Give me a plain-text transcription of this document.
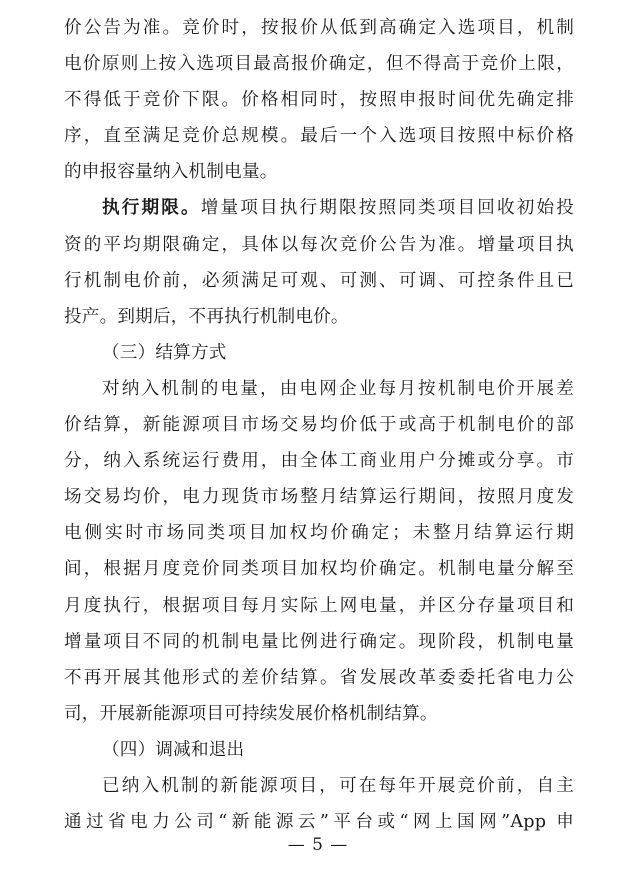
价公告为准。竞价时，按报价从低到高确定入选项目，机制
电价原则上按入选项目最高报价确定，但不得高于竞价上限，
不得低于竞价下限。价格相同时，按照申报时间优先确定排
序，直至满足竞价总规模。最后一个入选项目按照中标价格
的申报容量纳入机制电量。
执行期限。增量项目执行期限按照同类项目回收初始投
资的平均期限确定，具体以每次竞价公告为准。增量项目执
行机制电价前，必须满足可观、可测、可调、可控条件且已
投产。到期后，不再执行机制电价。
（三）结算方式
对纳入机制的电量，由电网企业每月按机制电价开展差
价结算，新能源项目市场交易均价低于或高于机制电价的部
分，纳入系统运行费用，由全体工商业用户分摊或分享。市
场交易均价，电力现货市场整月结算运行期间，按照月度发
电侧实时市场同类项目加权均价确定；未整月结算运行期
间，根据月度竞价同类项目加权均价确定。机制电量分解至
月度执行，根据项目每月实际上网电量，并区分存量项目和
增量项目不同的机制电量比例进行确定。现阶段，机制电量
不再开展其他形式的差价结算。省发展改革委委托省电力公
司，开展新能源项目可持续发展价格机制结算。
（四）调减和退出
已纳入机制的新能源项目，可在每年开展竞价前，自主
通过省电力公司“新能源云”平台或“网上国网”App 申
— 5 —
